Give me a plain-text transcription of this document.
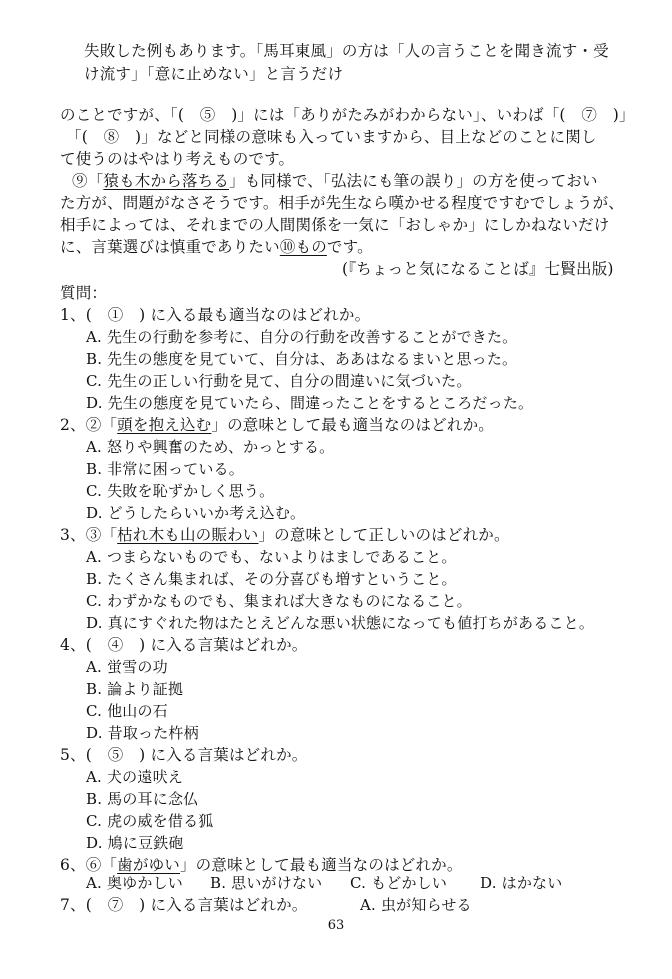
失敗した例もあります。「馬耳東風」の方は「人の言うことを聞き流す・受
け流す」「意に止めない」と言うだけ
のことですが、「(　⑤　)」には「ありがたみがわからない」、いわば「(　⑦　)」
「(　⑧　)」などと同様の意味も入っていますから、目上などのことに関し
て使うのはやはり考えものです。
⑨「猿も木から落ちる」も同様で、「弘法にも筆の誤り」の方を使っておい
た方が、問題がなさそうです。相手が先生なら嘆かせる程度ですむでしょうが、
相手によっては、それまでの人間関係を一気に「おしゃか」にしかねないだけ
に、言葉選びは慎重でありたい⑩ものです。
(『ちょっと気になることば』七賢出版)
質問：
1、(　①　) に入る最も適当なのはどれか。
A. 先生の行動を参考に、自分の行動を改善することができた。
B. 先生の態度を見ていて、自分は、ああはなるまいと思った。
C. 先生の正しい行動を見て、自分の間違いに気づいた。
D. 先生の態度を見ていたら、間違ったことをするところだった。
2、②「頭を抱え込む」の意味として最も適当なのはどれか。
A. 怒りや興奮のため、かっとする。
B. 非常に困っている。
C. 失敗を恥ずかしく思う。
D. どうしたらいいか考え込む。
3、③「枯れ木も山の賑わい」の意味として正しいのはどれか。
A. つまらないものでも、ないよりはましであること。
B. たくさん集まれば、その分喜びも増すということ。
C. わずかなものでも、集まれば大きなものになること。
D. 真にすぐれた物はたとえどんな悪い状態になっても値打ちがあること。
4、(　④　) に入る言葉はどれか。
A. 蛍雪の功
B. 論より証拠
C. 他山の石
D. 昔取った杵柄
5、(　⑤　) に入る言葉はどれか。
A. 犬の遠吠え
B. 馬の耳に念仏
C. 虎の威を借る狐
D. 鳩に豆鉄砲
6、⑥「歯がゆい」の意味として最も適当なのはどれか。
A. 奥ゆかしい B. 思いがけない C. もどかしい D. はかない
7、(　⑦　) に入る言葉はどれか。	A. 虫が知らせる
63
